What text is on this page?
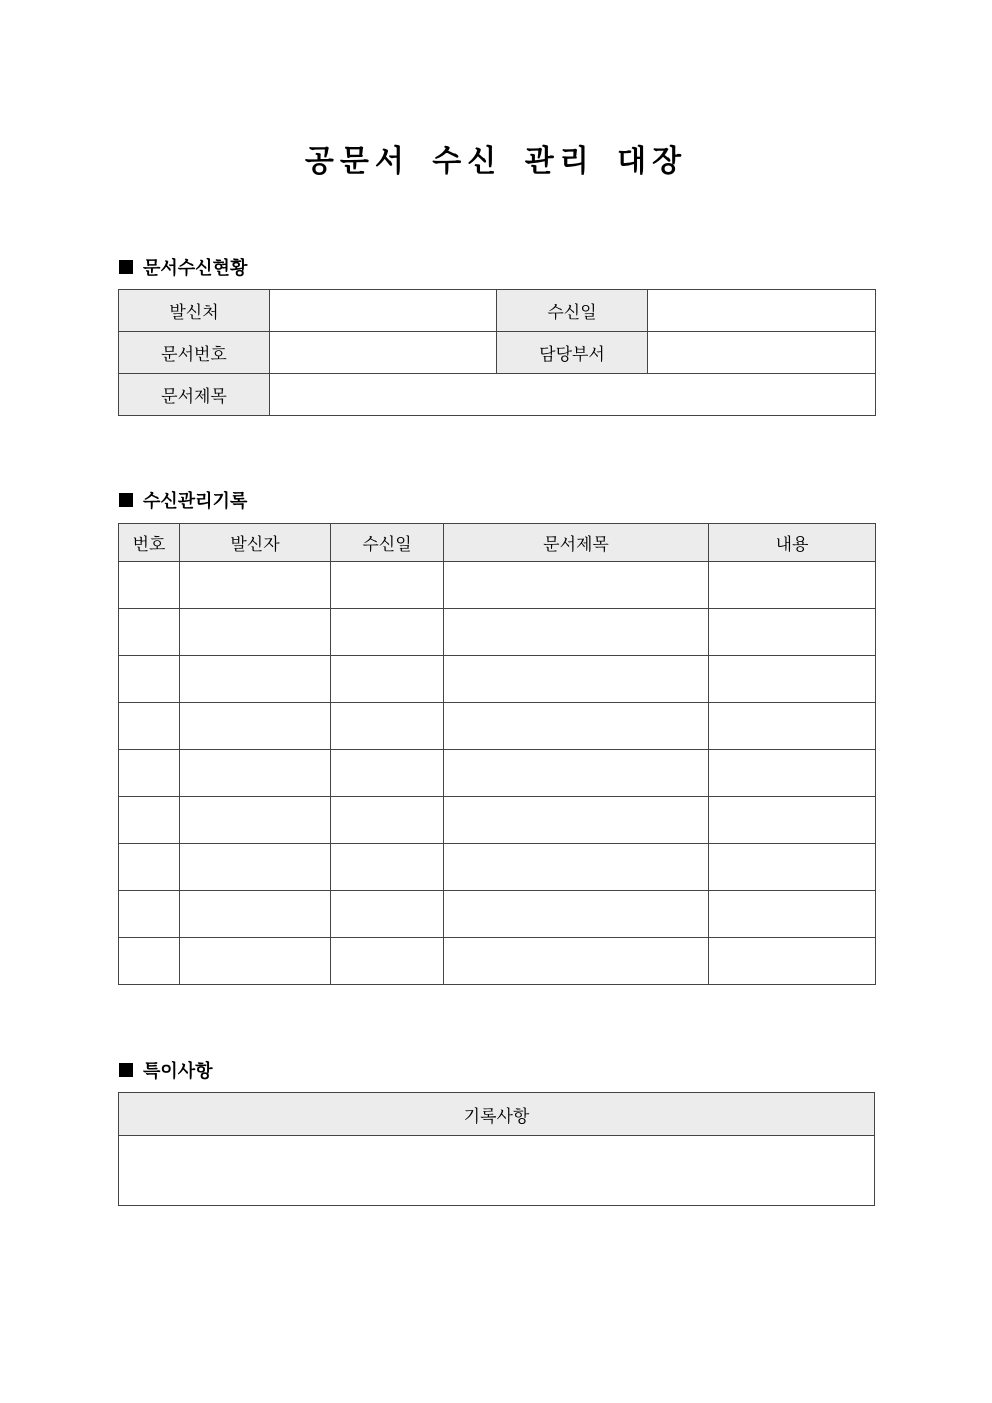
공문서 수신 관리 대장
문서수신현황
발신처		수신일	
문서번호		담당부서	
문서제목			
수신관리기록
번호	발신자	수신일	문서제목	내용

특이사항
기록사항
